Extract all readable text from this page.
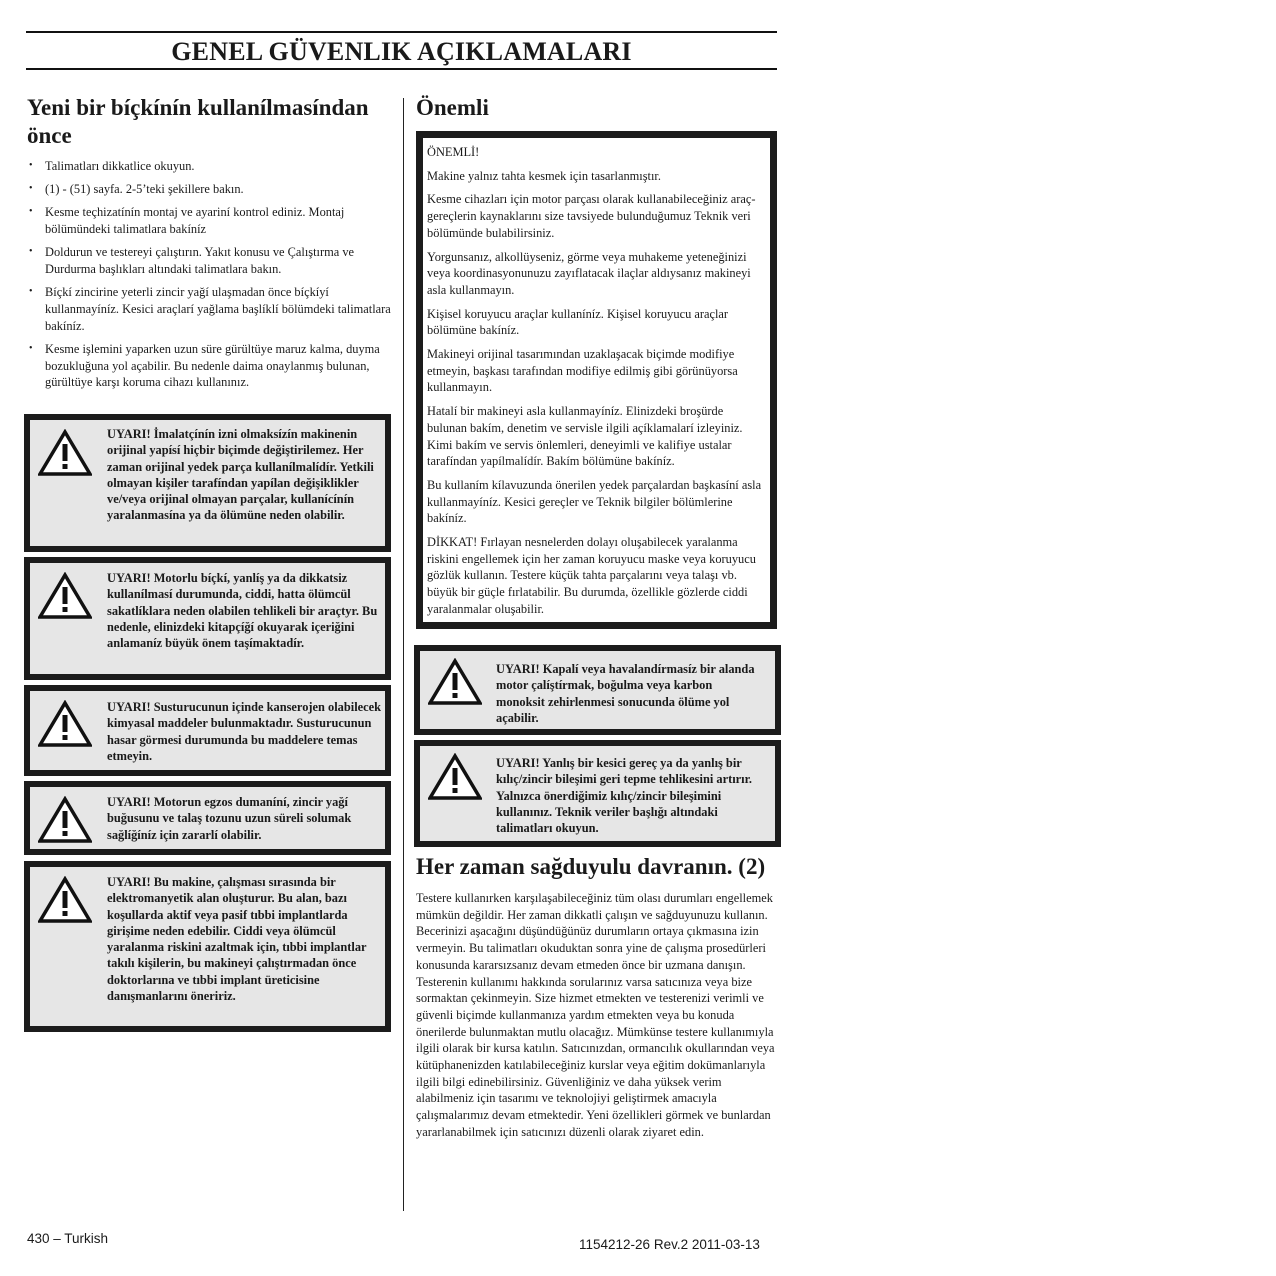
GENEL GÜVENLIK AÇIKLAMALARI
Yeni bir bíçkínín kullanílmasíndan önce
• Talimatları dikkatlice okuyun.
• (1) - (51) sayfa. 2-5’teki şekillere bakın.
• Kesme teçhizatínín montaj ve ayariní kontrol ediniz. Montaj bölümündeki talimatlara bakíníz
• Doldurun ve testereyi çalıştırın. Yakıt konusu ve Çalıştırma ve Durdurma başlıkları altındaki talimatlara bakın.
• Bíçkí zincirine yeterli zincir yağí ulaşmadan önce bíçkíyí kullanmayíníz. Kesici araçlarí yağlama başlíklí bölümdeki talimatlara bakíníz.
• Kesme işlemini yaparken uzun süre gürültüye maruz kalma, duyma bozukluğuna yol açabilir. Bu nedenle daima onaylanmış bulunan, gürültüye karşı koruma cihazı kullanınız.
UYARI! İmalatçínín izni olmaksízín makinenin orijinal yapísí hiçbir biçimde değiştirilemez. Her zaman orijinal yedek parça kullanílmalídír. Yetkili olmayan kişiler tarafíndan yapílan değişiklikler ve/veya orijinal olmayan parçalar, kullanícínín yaralanmasína ya da ölümüne neden olabilir.
UYARI! Motorlu bíçkí, yanlíş ya da dikkatsiz kullanílmasí durumunda, ciddi, hatta ölümcül sakatlíklara neden olabilen tehlikeli bir araçtyr. Bu nedenle, elinizdeki kitapçíğí okuyarak içeriğini anlamaníz büyük önem taşímaktadír.
UYARI! Susturucunun içinde kanserojen olabilecek kimyasal maddeler bulunmaktadır. Susturucunun hasar görmesi durumunda bu maddelere temas etmeyin.
UYARI! Motorun egzos dumaníní, zincir yağí buğusunu ve talaş tozunu uzun süreli solumak sağlíğíníz için zararlí olabilir.
UYARI! Bu makine, çalışması sırasında bir elektromanyetik alan oluşturur. Bu alan, bazı koşullarda aktif veya pasif tıbbi implantlarda girişime neden edebilir. Ciddi veya ölümcül yaralanma riskini azaltmak için, tıbbi implantlar takılı kişilerin, bu makineyi çalıştırmadan önce doktorlarına ve tıbbi implant üreticisine danışmanlarını öneririz.
Önemli

ÖNEMLİ!

Makine yalnız tahta kesmek için tasarlanmıştır.

Kesme cihazları için motor parçası olarak kullanabileceğiniz araç-gereçlerin kaynaklarını size tavsiyede bulunduğumuz Teknik veri bölümünde bulabilirsiniz.

Yorgunsanız, alkollüyseniz, görme veya muhakeme yeteneğinizi veya koordinasyonunuzu zayıflatacak ilaçlar aldıysanız makineyi asla kullanmayın.

Kişisel koruyucu araçlar kullaníníz. Kişisel koruyucu araçlar bölümüne bakíníz.

Makineyi orijinal tasarımından uzaklaşacak biçimde modifiye etmeyin, başkası tarafından modifiye edilmiş gibi görünüyorsa kullanmayın.

Hatalí bir makineyi asla kullanmayíníz. Elinizdeki broşürde bulunan bakím, denetim ve servisle ilgili açíklamalarí izleyiniz. Kimi bakím ve servis önlemleri, deneyimli ve kalifiye ustalar tarafíndan yapílmalídír. Bakím bölümüne bakíníz.

Bu kullaním kílavuzunda önerilen yedek parçalardan başkasíní asla kullanmayíníz. Kesici gereçler ve Teknik bilgiler bölümlerine bakíníz.

DİKKAT! Fırlayan nesnelerden dolayı oluşabilecek yaralanma riskini engellemek için her zaman koruyucu maske veya koruyucu gözlük kullanın. Testere küçük tahta parçalarını veya talaşı vb. büyük bir güçle fırlatabilir. Bu durumda, özellikle gözlerde ciddi yaralanmalar oluşabilir.

UYARI! Kapalí veya havalandírmasíz bir alanda motor çalíştírmak, boğulma veya karbon monoksit zehirlenmesi sonucunda ölüme yol açabilir.
UYARI! Yanlış bir kesici gereç ya da yanlış bir kılıç/zincir bileşimi geri tepme tehlikesini artırır. Yalnızca önerdiğimiz kılıç/zincir bileşimini kullanınız. Teknik veriler başlığı altındaki talimatları okuyun.
Her zaman sağduyulu davranın. (2)

Testere kullanırken karşılaşabileceğiniz tüm olası durumları engellemek mümkün değildir. Her zaman dikkatli çalışın ve sağduyunuzu kullanın. Becerinizi aşacağını düşündüğünüz durumların ortaya çıkmasına izin vermeyin. Bu talimatları okuduktan sonra yine de çalışma prosedürleri konusunda kararsızsanız devam etmeden önce bir uzmana danışın. Testerenin kullanımı hakkında sorularınız varsa satıcınıza veya bize sormaktan çekinmeyin. Size hizmet etmekten ve testerenizi verimli ve güvenli biçimde kullanmanıza yardım etmekten veya bu konuda önerilerde bulunmaktan mutlu olacağız. Mümkünse testere kullanımıyla ilgili olarak bir kursa katılın. Satıcınızdan, ormancılık okullarından veya kütüphanenizden katılabileceğiniz kurslar veya eğitim dokümanlarıyla ilgili bilgi edinebilirsiniz. Güvenliğiniz ve daha yüksek verim alabilmeniz için tasarımı ve teknolojiyi geliştirmek amacıyla çalışmalarımız devam etmektedir. Yeni özellikleri görmek ve bunlardan yararlanabilmek için satıcınızı düzenli olarak ziyaret edin.

430 – Turkish	1154212-26 Rev.2 2011-03-13
